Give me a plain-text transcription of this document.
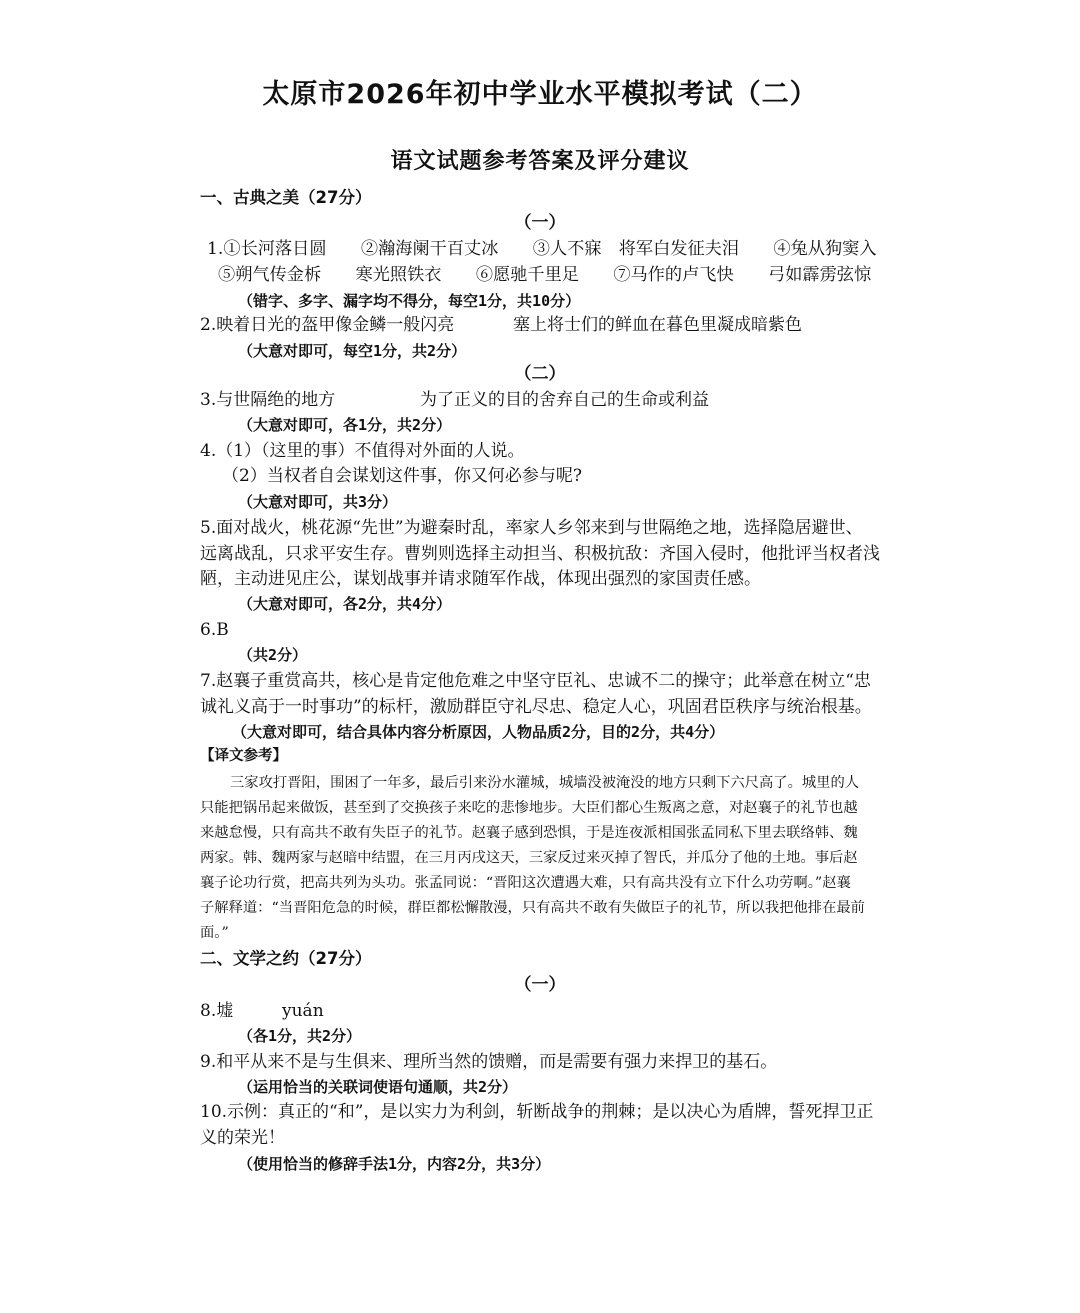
太原市2026年初中学业水平模拟考试（二）
语文试题参考答案及评分建议
一、古典之美（27分）
（一）
1.①长河落日圆　　②瀚海阑干百丈冰　　③人不寐　将军白发征夫泪　　④兔从狗窦入
⑤朔气传金柝　　寒光照铁衣　　⑥愿驰千里足　　⑦马作的卢飞快　　弓如霹雳弦惊
（错字、多字、漏字均不得分，每空1分，共10分）
2.映着日光的盔甲像金鳞一般闪亮	塞上将士们的鲜血在暮色里凝成暗紫色
（大意对即可，每空1分，共2分）
（二）
3.与世隔绝的地方	为了正义的目的舍弃自己的生命或利益
（大意对即可，各1分，共2分）
4.（1）（这里的事）不值得对外面的人说。
（2）当权者自会谋划这件事，你又何必参与呢?
（大意对即可，共3分）
5.面对战火，桃花源“先世”为避秦时乱，率家人乡邻来到与世隔绝之地，选择隐居避世、
远离战乱，只求平安生存。曹刿则选择主动担当、积极抗敌：齐国入侵时，他批评当权者浅
陋，主动进见庄公，谋划战事并请求随军作战，体现出强烈的家国责任感。
（大意对即可，各2分，共4分）
6.B
（共2分）
7.赵襄子重赏高共，核心是肯定他危难之中坚守臣礼、忠诚不二的操守；此举意在树立“忠
诚礼义高于一时事功”的标杆，激励群臣守礼尽忠、稳定人心，巩固君臣秩序与统治根基。
（大意对即可，结合具体内容分析原因，人物品质2分，目的2分，共4分）
【译文参考】
三家攻打晋阳，围困了一年多，最后引来汾水灌城，城墙没被淹没的地方只剩下六尺高了。城里的人
只能把锅吊起来做饭，甚至到了交换孩子来吃的悲惨地步。大臣们都心生叛离之意，对赵襄子的礼节也越
来越怠慢，只有高共不敢有失臣子的礼节。赵襄子感到恐惧，于是连夜派相国张孟同私下里去联络韩、魏
两家。韩、魏两家与赵暗中结盟，在三月丙戌这天，三家反过来灭掉了智氏，并瓜分了他的土地。事后赵
襄子论功行赏，把高共列为头功。张孟同说：“晋阳这次遭遇大难，只有高共没有立下什么功劳啊。”赵襄
子解释道：“当晋阳危急的时候，群臣都松懈散漫，只有高共不敢有失做臣子的礼节，所以我把他排在最前
面。”
二、文学之约（27分）
（一）
8.墟	yuán
（各1分，共2分）
9.和平从来不是与生俱来、理所当然的馈赠，而是需要有强力来捍卫的基石。
（运用恰当的关联词使语句通顺，共2分）
10.示例：真正的“和”，是以实力为利剑，斩断战争的荆棘；是以决心为盾牌，誓死捍卫正
义的荣光！
（使用恰当的修辞手法1分，内容2分，共3分）
